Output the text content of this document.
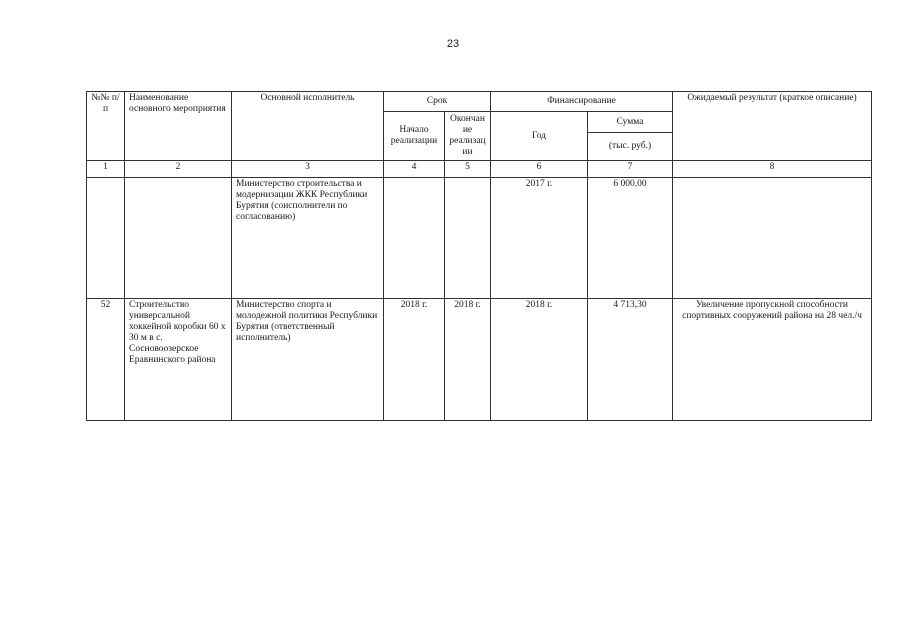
23
№№ п/п	Наименование основного мероприятия	Основной исполнитель	Срок		Финансирование		Ожидаемый результат (краткое описание)
			Начало реализации	Окончание реализации	Год	Сумма	
						(тыс. руб.)	
1	2	3	4	5	6	7	8
		Министерство строительства и модернизации ЖКК Республики Бурятия (соисполнители по согласованию)			2017 г.	6 000,00	
52	Строительство универсальной хоккейной коробки 60 х 30 м в с. Сосновоозерское Еравнинского района	Министерство спорта и молодежной политики Республики Бурятия (ответственный исполнитель)	2018 г.	2018 г.	2018 г.	4 713,30	Увеличение пропускной способности спортивных сооружений района на 28 чел./ч
